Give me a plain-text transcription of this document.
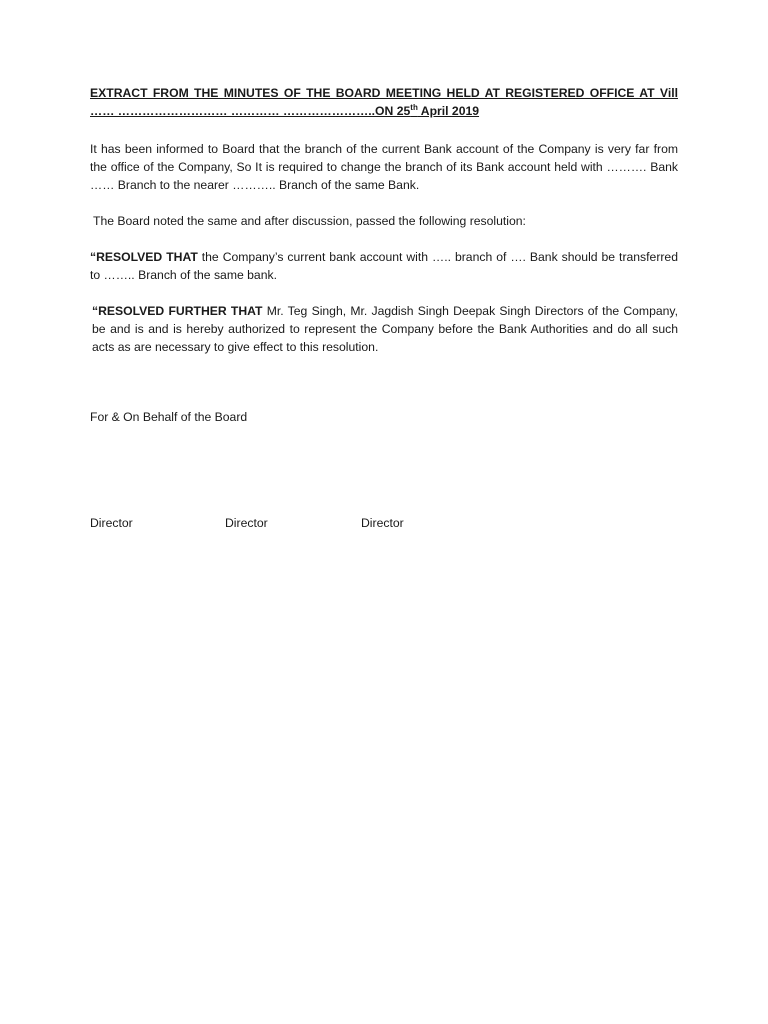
EXTRACT FROM THE MINUTES OF THE BOARD MEETING HELD AT REGISTERED OFFICE AT Vill …… ……………………… ………… …………………..ON 25th April 2019

It has been informed to Board that the branch of the current Bank account of the Company is very far from the office of the Company, So It is required to change the branch of its Bank account held with ………. Bank …… Branch to the nearer ……….. Branch of the same Bank.

The Board noted the same and after discussion, passed the following resolution:

“RESOLVED THAT the Company’s current bank account with ….. branch of …. Bank should be transferred to …….. Branch of the same bank.

“RESOLVED FURTHER THAT Mr. Teg Singh, Mr. Jagdish Singh Deepak Singh Directors of the Company, be and is and is hereby authorized to represent the Company before the Bank Authorities and do all such acts as are necessary to give effect to this resolution.

For & On Behalf of the Board

Director	Director	Director
